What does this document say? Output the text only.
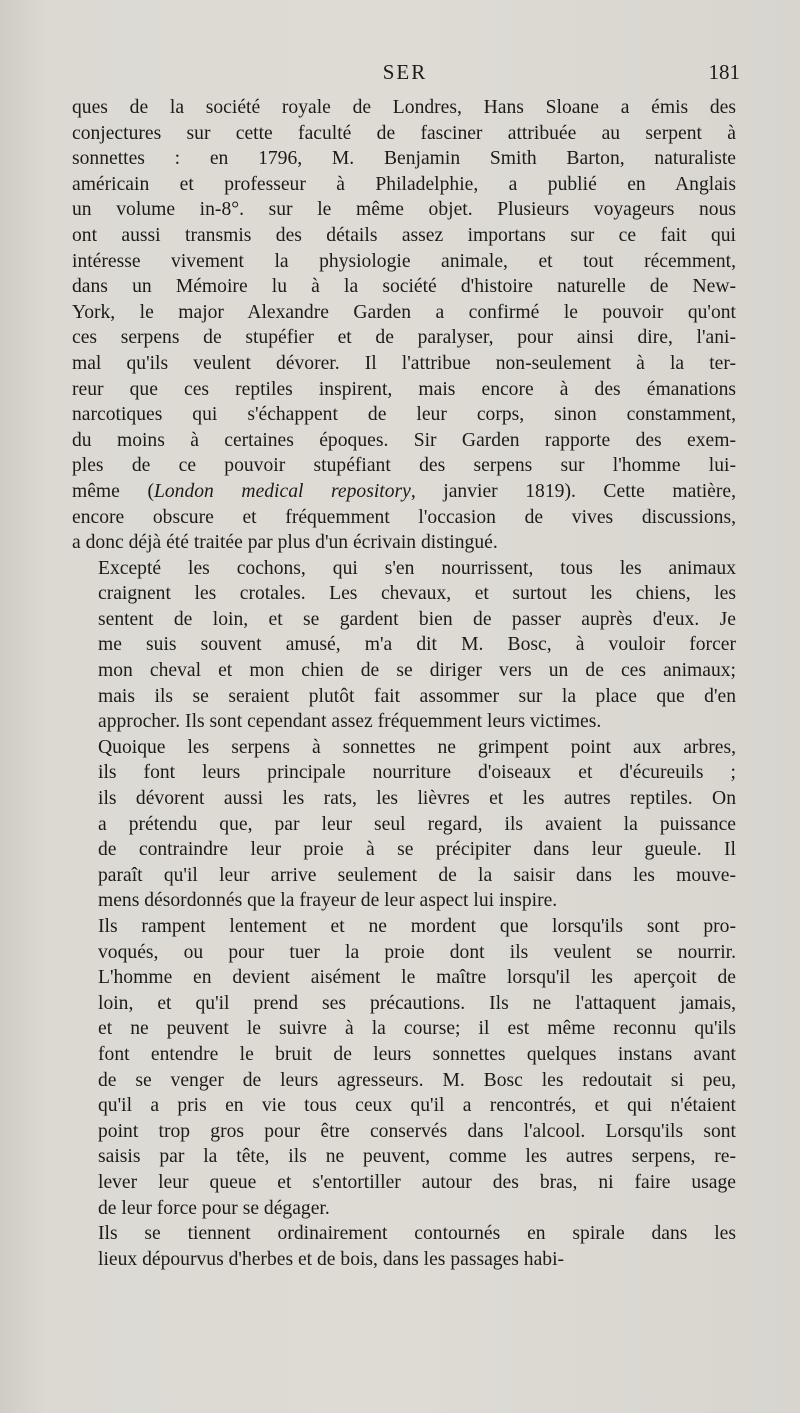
SER	181

ques de la société royale de Londres, Hans Sloane a émis des
conjectures sur cette faculté de fasciner attribuée au serpent à
sonnettes : en 1796, M. Benjamin Smith Barton, naturaliste
américain et professeur à Philadelphie, a publié en Anglais
un volume in-8°. sur le même objet. Plusieurs voyageurs nous
ont aussi transmis des détails assez importans sur ce fait qui
intéresse vivement la physiologie animale, et tout récemment,
dans un Mémoire lu à la société d'histoire naturelle de New-
York, le major Alexandre Garden a confirmé le pouvoir qu'ont
ces serpens de stupéfier et de paralyser, pour ainsi dire, l'ani-
mal qu'ils veulent dévorer. Il l'attribue non-seulement à la ter-
reur que ces reptiles inspirent, mais encore à des émanations
narcotiques qui s'échappent de leur corps, sinon constamment,
du moins à certaines époques. Sir Garden rapporte des exem-
ples de ce pouvoir stupéfiant des serpens sur l'homme lui-
même (London medical repository, janvier 1819). Cette matière,
encore obscure et fréquemment l'occasion de vives discussions,
a donc déjà été traitée par plus d'un écrivain distingué.

Excepté les cochons, qui s'en nourrissent, tous les animaux
craignent les crotales. Les chevaux, et surtout les chiens, les
sentent de loin, et se gardent bien de passer auprès d'eux. Je
me suis souvent amusé, m'a dit M. Bosc, à vouloir forcer
mon cheval et mon chien de se diriger vers un de ces animaux;
mais ils se seraient plutôt fait assommer sur la place que d'en
approcher. Ils sont cependant assez fréquemment leurs victimes.

Quoique les serpens à sonnettes ne grimpent point aux arbres,
ils font leurs principale nourriture d'oiseaux et d'écureuils ;
ils dévorent aussi les rats, les lièvres et les autres reptiles. On
a prétendu que, par leur seul regard, ils avaient la puissance
de contraindre leur proie à se précipiter dans leur gueule. Il
paraît qu'il leur arrive seulement de la saisir dans les mouve-
mens désordonnés que la frayeur de leur aspect lui inspire.

Ils rampent lentement et ne mordent que lorsqu'ils sont pro-
voqués, ou pour tuer la proie dont ils veulent se nourrir.
L'homme en devient aisément le maître lorsqu'il les aperçoit de
loin, et qu'il prend ses précautions. Ils ne l'attaquent jamais,
et ne peuvent le suivre à la course; il est même reconnu qu'ils
font entendre le bruit de leurs sonnettes quelques instans avant
de se venger de leurs agresseurs. M. Bosc les redoutait si peu,
qu'il a pris en vie tous ceux qu'il a rencontrés, et qui n'étaient
point trop gros pour être conservés dans l'alcool. Lorsqu'ils sont
saisis par la tête, ils ne peuvent, comme les autres serpens, re-
lever leur queue et s'entortiller autour des bras, ni faire usage
de leur force pour se dégager.

Ils se tiennent ordinairement contournés en spirale dans les
lieux dépourvus d'herbes et de bois, dans les passages habi-
